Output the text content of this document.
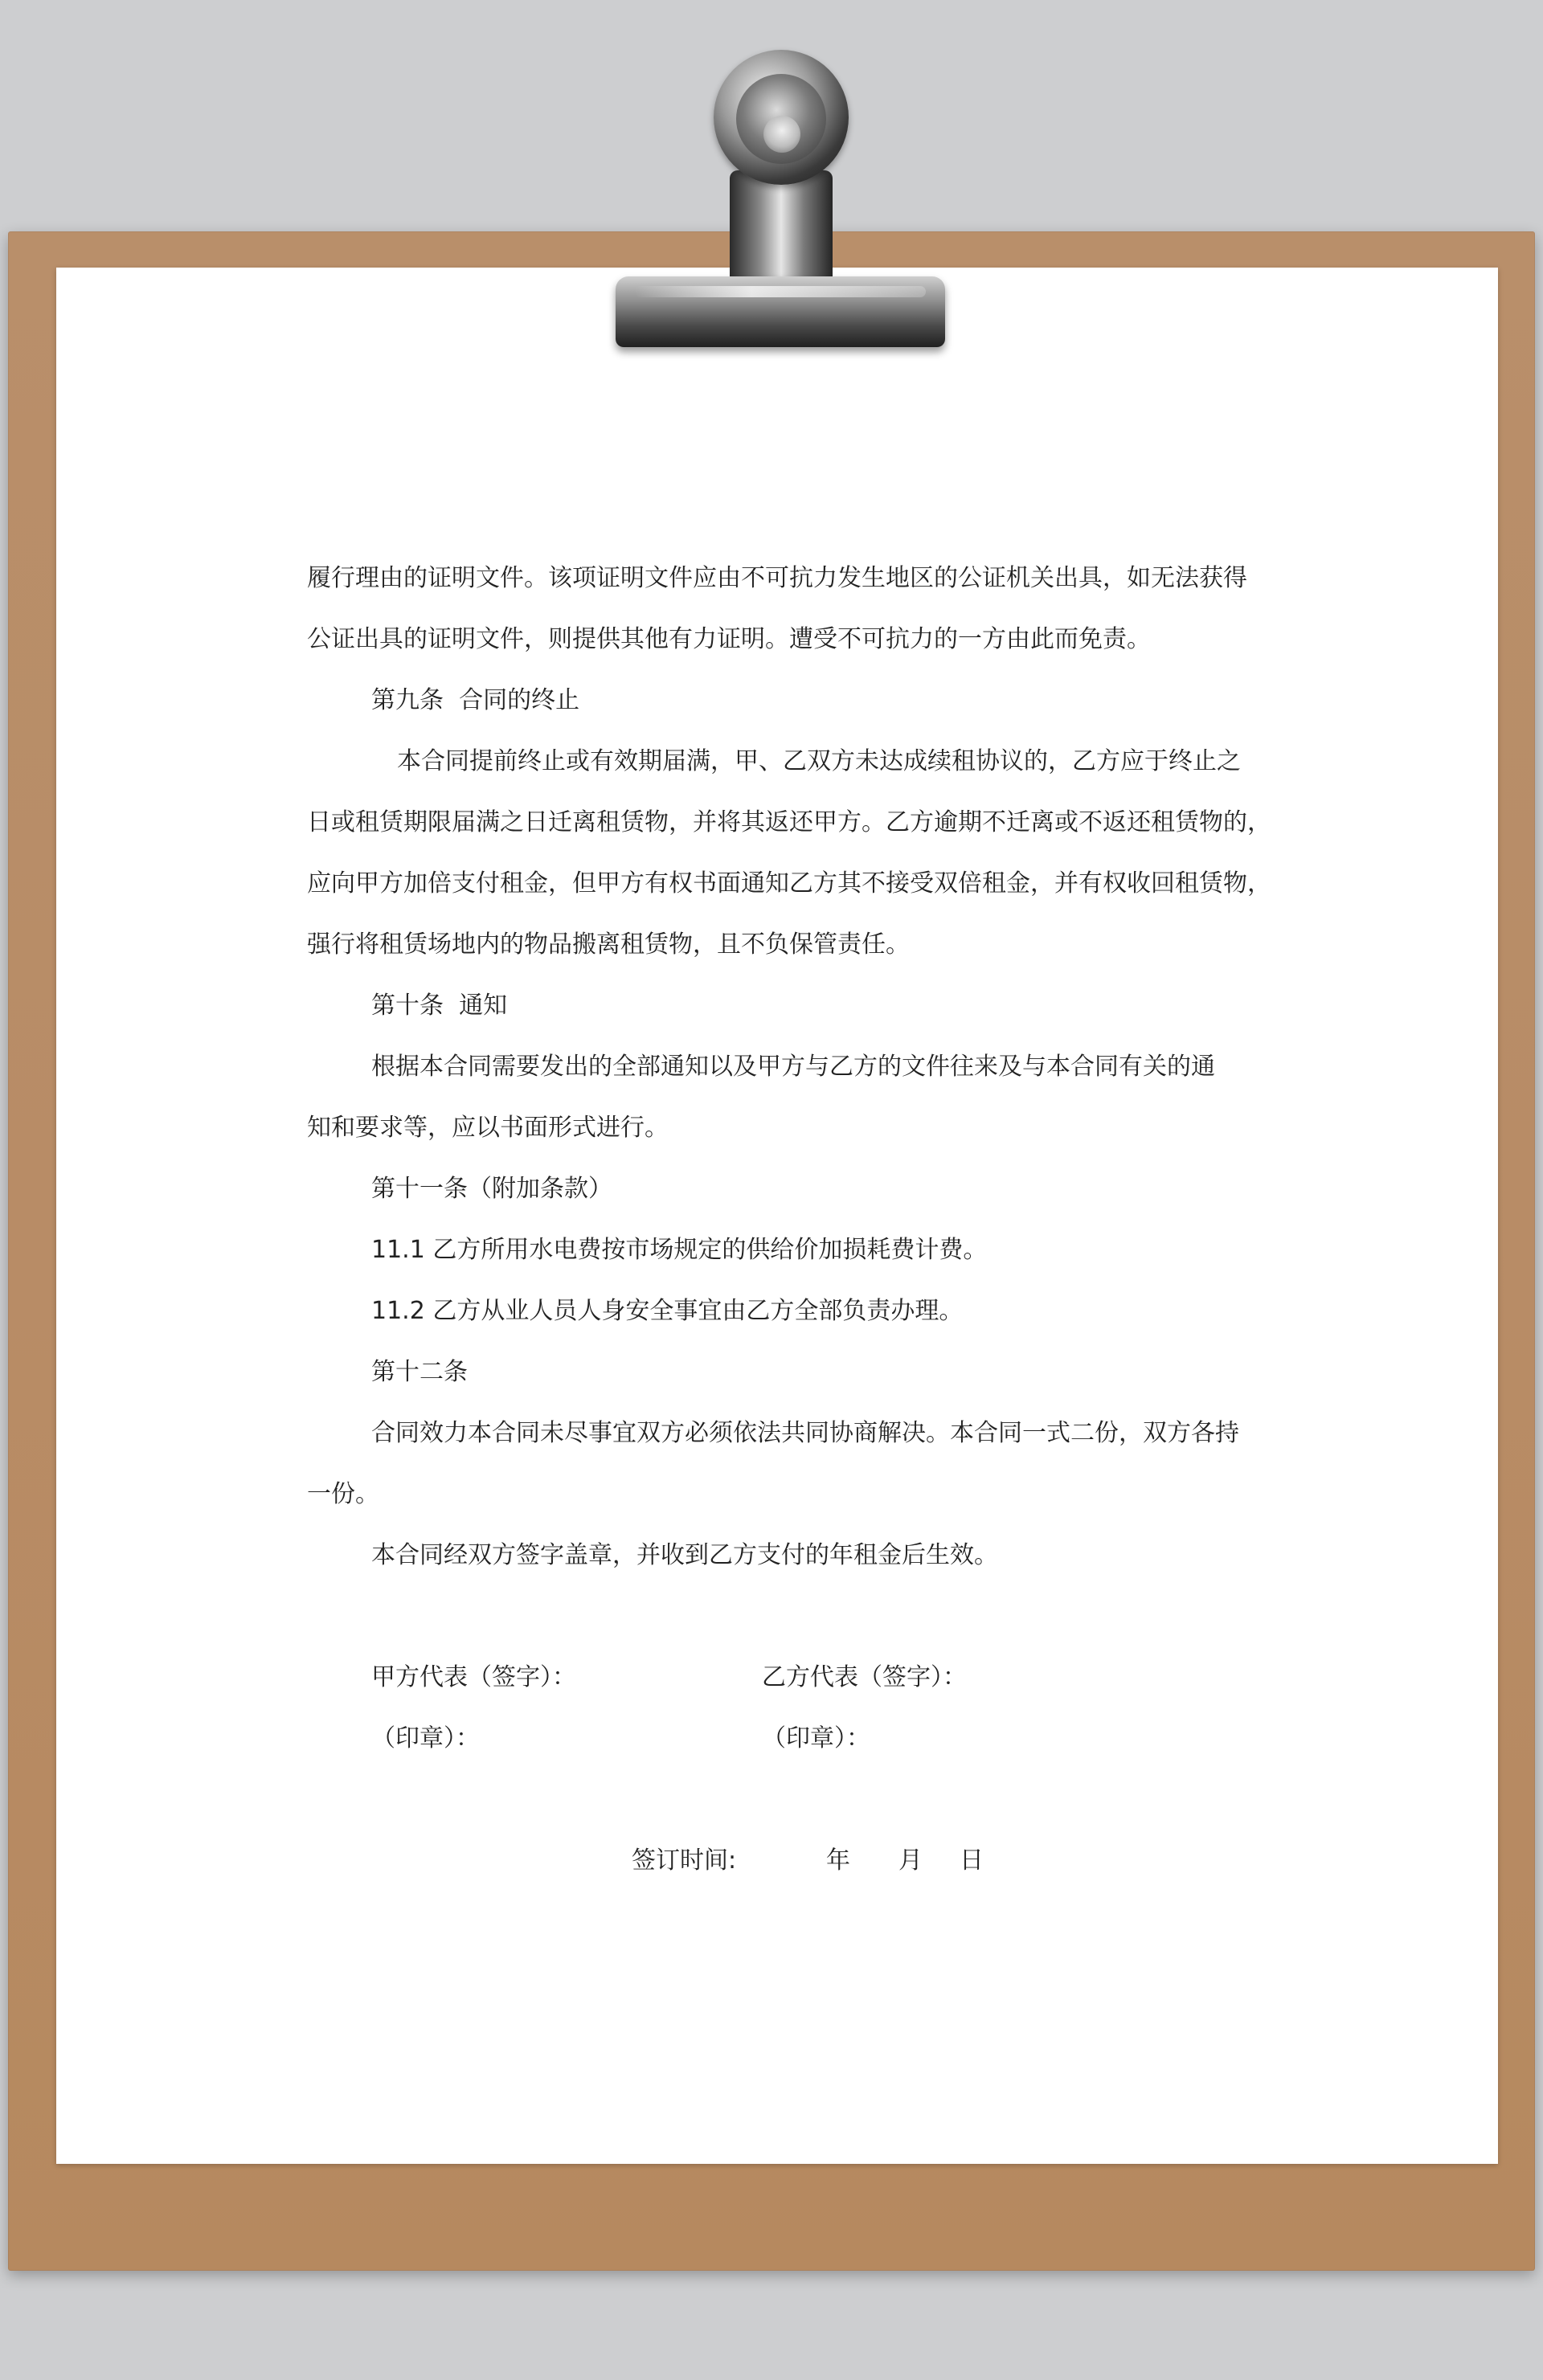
履行理由的证明文件。该项证明文件应由不可抗力发生地区的公证机关出具，如无法获得
公证出具的证明文件，则提供其他有力证明。遭受不可抗力的一方由此而免责。
第九条  合同的终止
本合同提前终止或有效期届满，甲、乙双方未达成续租协议的，乙方应于终止之
日或租赁期限届满之日迁离租赁物，并将其返还甲方。乙方逾期不迁离或不返还租赁物的，
应向甲方加倍支付租金，但甲方有权书面通知乙方其不接受双倍租金，并有权收回租赁物，
强行将租赁场地内的物品搬离租赁物，且不负保管责任。
第十条  通知
根据本合同需要发出的全部通知以及甲方与乙方的文件往来及与本合同有关的通
知和要求等，应以书面形式进行。
第十一条（附加条款）
11.1 乙方所用水电费按市场规定的供给价加损耗费计费。
11.2 乙方从业人员人身安全事宜由乙方全部负责办理。
第十二条
合同效力本合同未尽事宜双方必须依法共同协商解决。本合同一式二份，双方各持
一份。
本合同经双方签字盖章，并收到乙方支付的年租金后生效。
甲方代表（签字）：	乙方代表（签字）：
（印章）：	（印章）：
签订时间:	年 月 日
